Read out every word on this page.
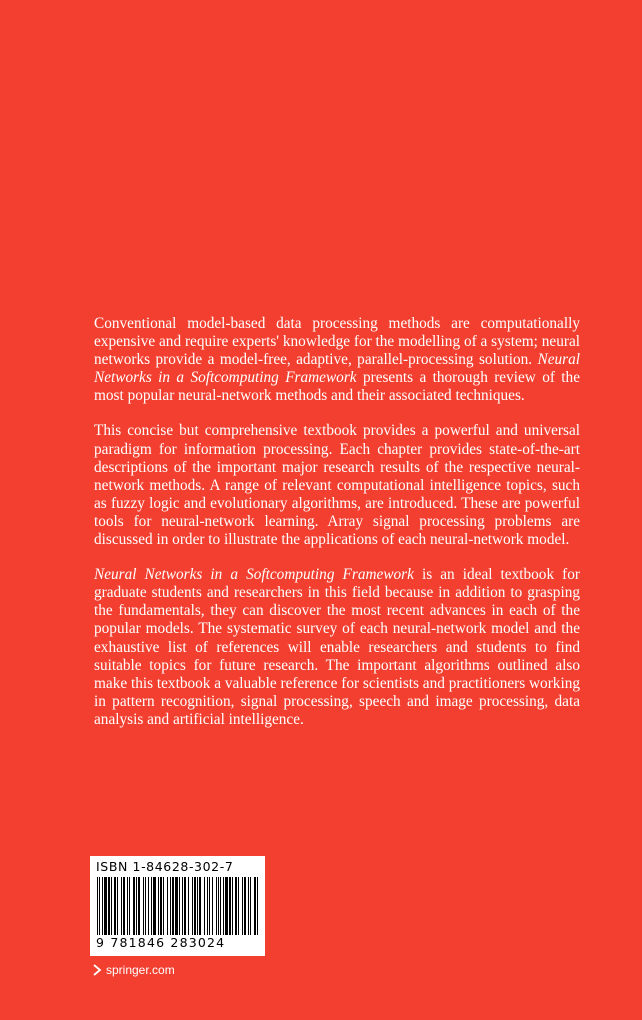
Conventional model-based data processing methods are computationally expensive and require experts' knowledge for the modelling of a system; neural networks provide a model-free, adaptive, parallel-processing solution. Neural Networks in a Softcomputing Framework presents a thorough review of the most popular neural-network methods and their associated techniques.

This concise but comprehensive textbook provides a powerful and universal paradigm for information processing. Each chapter provides state-of-the-art descriptions of the important major research results of the respective neural-network methods. A range of relevant computational intelligence topics, such as fuzzy logic and evolutionary algorithms, are introduced. These are powerful tools for neural-network learning. Array signal processing problems are discussed in order to illustrate the applications of each neural-network model.

Neural Networks in a Softcomputing Framework is an ideal textbook for graduate students and researchers in this field because in addition to grasping the fundamentals, they can discover the most recent advances in each of the popular models. The systematic survey of each neural-network model and the exhaustive list of references will enable researchers and students to find suitable topics for future research. The important algorithms outlined also make this textbook a valuable reference for scientists and practitioners working in pattern recognition, signal processing, speech and image processing, data analysis and artificial intelligence.

ISBN 1-84628-302-7
9 781846 283024
springer.com
